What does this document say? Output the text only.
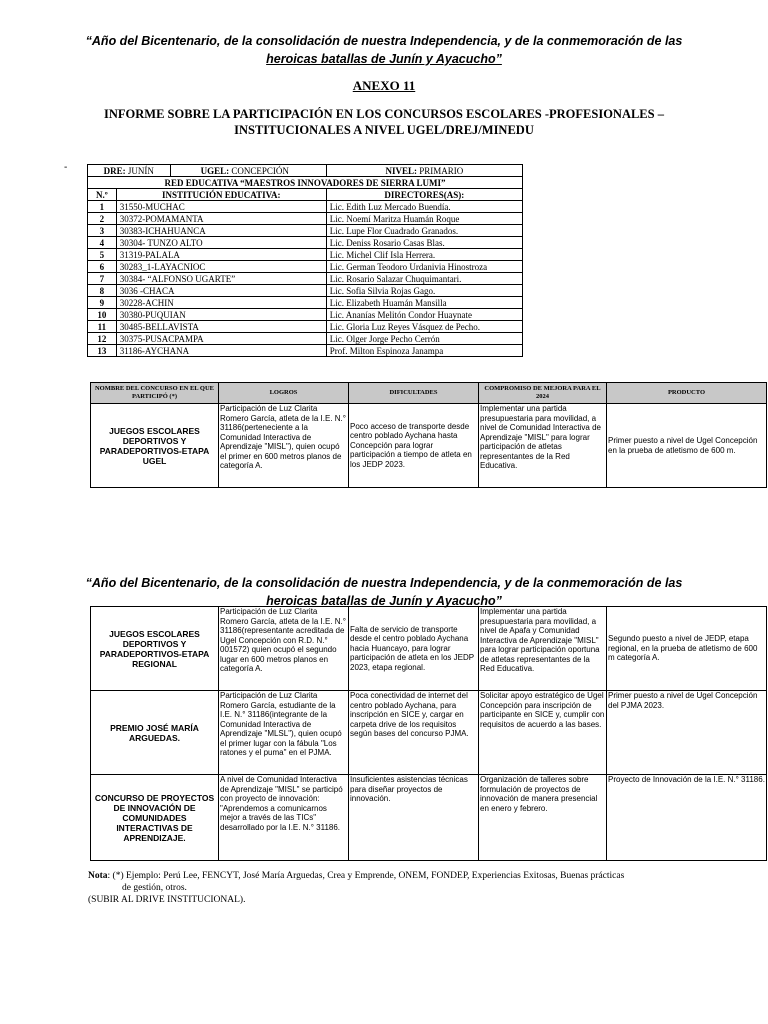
“Año del Bicentenario, de la consolidación de nuestra Independencia, y de la conmemoración de las
heroicas batallas de Junín y Ayacucho”
ANEXO 11
INFORME SOBRE LA PARTICIPACIÓN EN LOS CONCURSOS ESCOLARES -PROFESIONALES –
INSTITUCIONALES A NIVEL UGEL/DREJ/MINEDU
-	DRE: JUNÍN		UGEL: CONCEPCIÓN	NIVEL: PRIMARIO
RED EDUCATIVA “MAESTROS INNOVADORES DE SIERRA LUMI”			
N.º	INSTITUCIÓN EDUCATIVA:		DIRECTORES(AS):
1	31550-MUCHAC		Lic. Edith Luz Mercado Buendía.
2	30372-POMAMANTA		Lic. Noemí Maritza Huamán Roque
3	30383-ICHAHUANCA		Lic. Lupe Flor Cuadrado Granados.
4	30304- TUNZO ALTO		Lic. Deniss Rosario Casas Blas.
5	31319-PALALA		Lic. Michel Clif Isla Herrera.
6	30283_1-LAYACNIOC		Lic. German Teodoro Urdanivia Hinostroza
7	30384- “ALFONSO UGARTE”		Lic. Rosario Salazar Chuquimantari.
8	3036 -CHACA		Lic. Sofia Silvia Rojas Gago.
9	30228-ACHIN		Lic. Elizabeth Huamán Mansilla
10	30380-PUQUIAN		Lic. Ananías Melitón Condor Huaynate
11	30485-BELLAVISTA		Lic. Gloria Luz Reyes Vásquez de Pecho.
12	30375-PUSACPAMPA		Lic. Olger Jorge Pecho Cerrón
13	31186-AYCHANA		Prof. Milton Espinoza Janampa
NOMBRE DEL CONCURSO EN EL QUE PARTICIPÓ (*)	LOGROS	DIFICULTADES	COMPROMISO DE MEJORA PARA EL 2024	PRODUCTO
JUEGOS ESCOLARES DEPORTIVOS Y PARADEPORTIVOS-ETAPA UGEL	Participación de Luz Clarita Romero García, atleta de la I.E. N.° 31186(perteneciente a la Comunidad Interactiva de Aprendizaje "MISL"), quien ocupó el primer en 600 metros planos de categoría A.	Poco acceso de transporte desde centro poblado Aychana hasta Concepción para lograr participación a tiempo de atleta en los JEDP 2023.	Implementar una partida presupuestaria para movilidad, a nivel de Comunidad Interactiva de Aprendizaje "MISL" para lograr participación de atletas representantes de la Red Educativa.	Primer puesto a nivel de Ugel Concepción en la prueba de atletismo de 600 m.
“Año del Bicentenario, de la consolidación de nuestra Independencia, y de la conmemoración de las
heroicas batallas de Junín y Ayacucho”
JUEGOS ESCOLARES DEPORTIVOS Y PARADEPORTIVOS-ETAPA REGIONAL	Participación de Luz Clarita Romero García, atleta de la I.E. N.° 31186(representante acreditada de Ugel Concepción con R.D. N.° 001572) quien ocupó el segundo lugar en 600 metros planos en categoría A.	Falta de servicio de transporte desde el centro poblado Aychana hacia Huancayo, para lograr participación de atleta en los JEDP 2023, etapa regional.	Implementar una partida presupuestaria para movilidad, a nivel de Apafa y Comunidad Interactiva de Aprendizaje "MISL" para lograr participación oportuna de atletas representantes de la Red Educativa.	Segundo puesto a nivel de JEDP, etapa regional, en la prueba de atletismo de 600 m categoría A.
PREMIO JOSÉ MARÍA ARGUEDAS.	Participación de Luz Clarita Romero García, estudiante de la I.E. N.° 31186(integrante de la Comunidad Interactiva de Aprendizaje "MLSL"), quien ocupó el primer lugar con la fábula "Los ratones y el puma" en el PJMA.	Poca conectividad de internet del centro poblado Aychana, para inscripción en SICE y, cargar en carpeta drive de los requisitos según bases del concurso PJMA.	Solicitar apoyo estratégico de Ugel Concepción para inscripción de participante en SICE y, cumplir con requisitos de acuerdo a las bases.	Primer puesto a nivel de Ugel Concepción del PJMA 2023.
CONCURSO DE PROYECTOS DE INNOVACIÓN DE COMUNIDADES INTERACTIVAS DE APRENDIZAJE.	A nivel de Comunidad Interactiva de Aprendizaje "MISL" se participó con proyecto de innovación: "Aprendemos a comunicarnos mejor a través de las TICs" desarrollado por la I.E. N.° 31186.	Insuficientes asistencias técnicas para diseñar proyectos de innovación.	Organización de talleres sobre formulación de proyectos de innovación de manera presencial en enero y febrero.	Proyecto de Innovación de la I.E. N.° 31186.
Nota: (*) Ejemplo: Perú Lee, FENCYT, José María Arguedas, Crea y Emprende, ONEM, FONDEP, Experiencias Exitosas, Buenas prácticas
de gestión, otros.
(SUBIR AL DRIVE INSTITUCIONAL).
